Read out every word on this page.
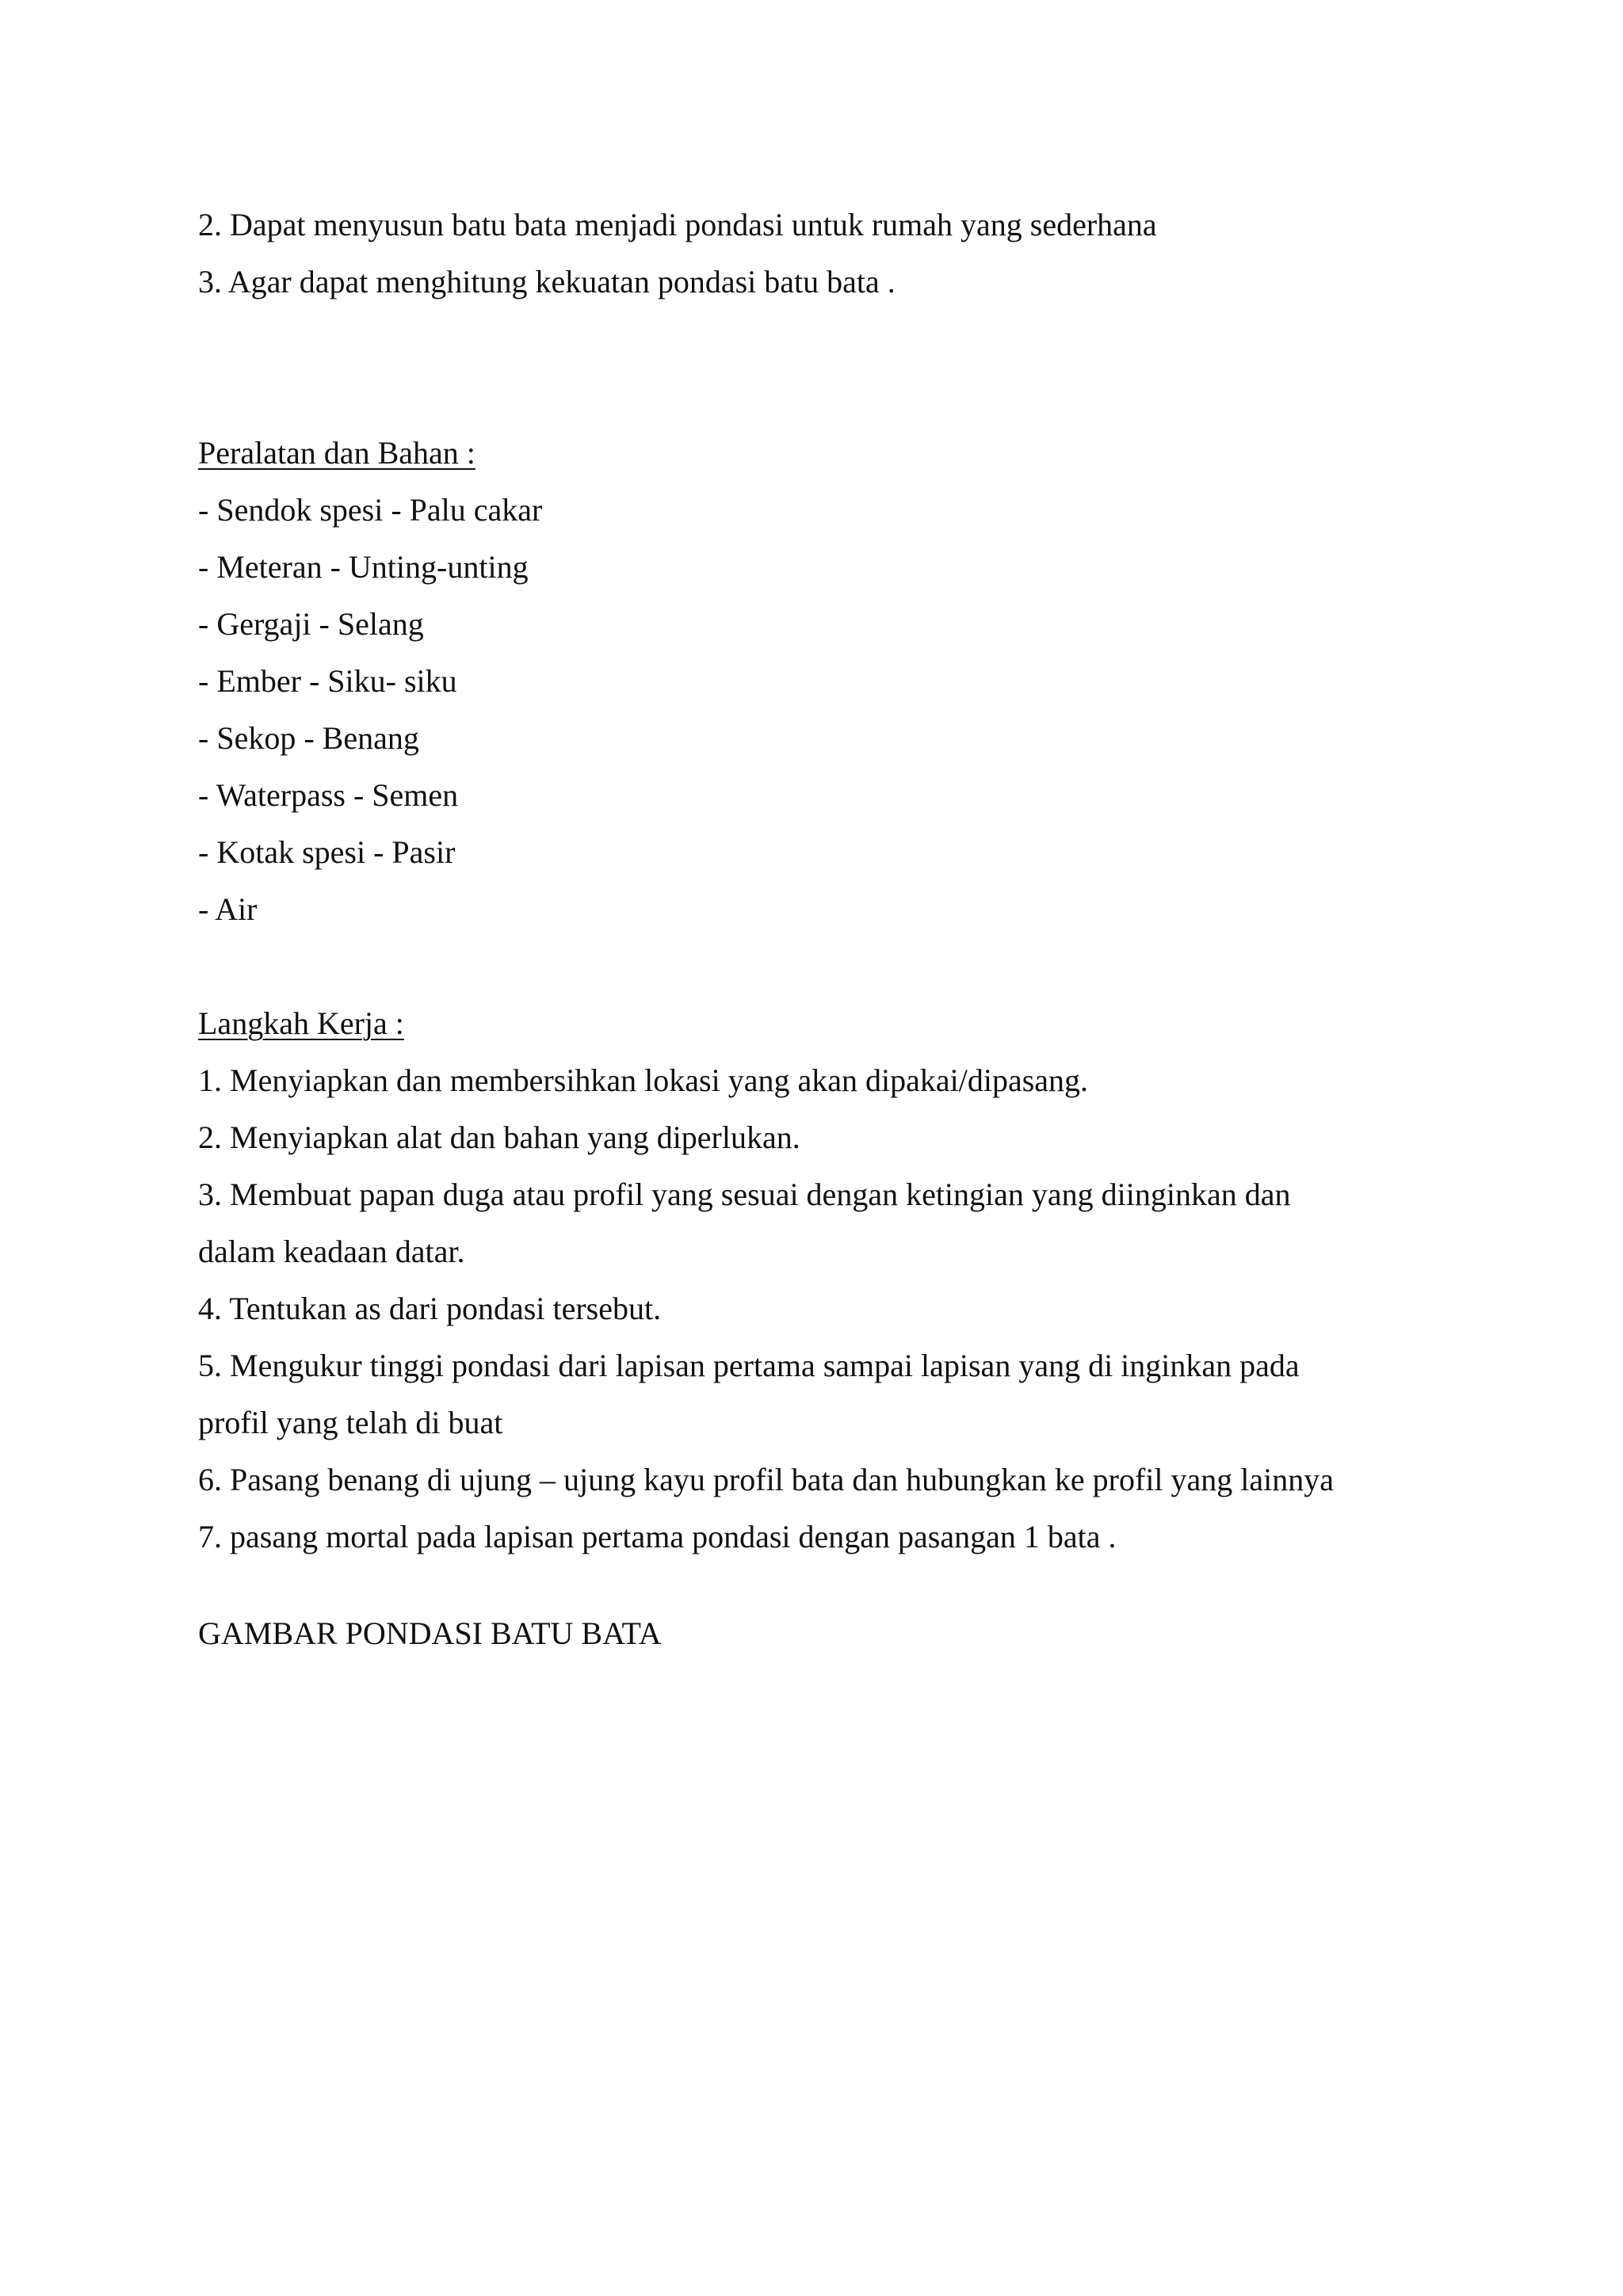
2. Dapat menyusun batu bata menjadi pondasi untuk rumah yang sederhana
3. Agar dapat menghitung kekuatan pondasi batu bata .
Peralatan dan Bahan :
- Sendok spesi - Palu cakar
- Meteran - Unting-unting
- Gergaji - Selang
- Ember - Siku- siku
- Sekop - Benang
- Waterpass - Semen
- Kotak spesi - Pasir
- Air
Langkah Kerja :
1. Menyiapkan dan membersihkan lokasi yang akan dipakai/dipasang.
2. Menyiapkan alat dan bahan yang diperlukan.
3. Membuat papan duga atau profil yang sesuai dengan ketingian yang diinginkan dan
dalam keadaan datar.
4. Tentukan as dari pondasi tersebut.
5. Mengukur tinggi pondasi dari lapisan pertama sampai lapisan yang di inginkan pada
profil yang telah di buat
6. Pasang benang di ujung – ujung kayu profil bata dan hubungkan ke profil yang lainnya
7. pasang mortal pada lapisan pertama pondasi dengan pasangan 1 bata .
GAMBAR PONDASI BATU BATA
